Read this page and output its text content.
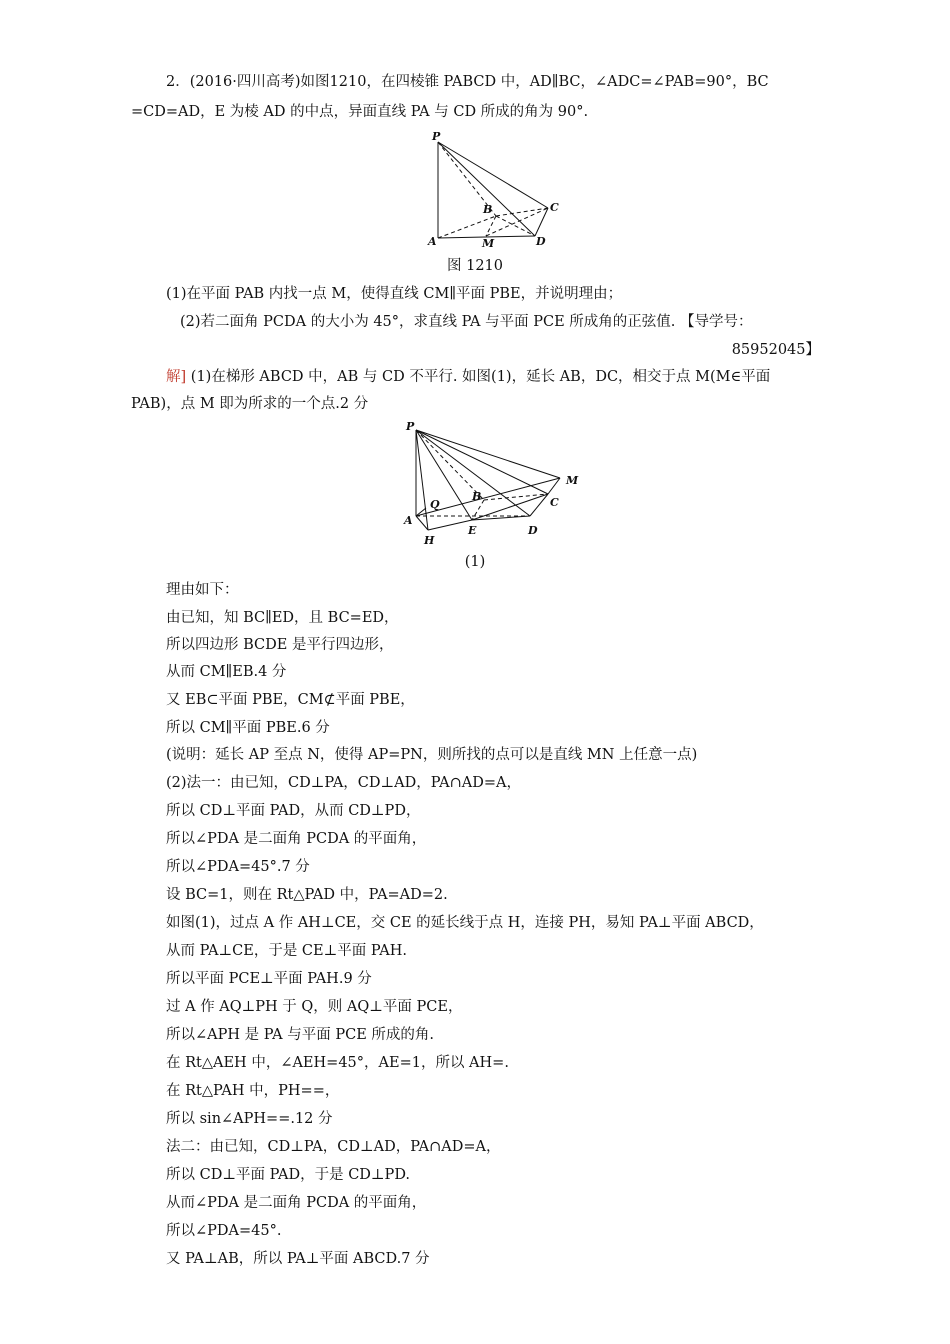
2．(2016·四川高考)如图1210，在四棱锥 PABCD 中，AD∥BC，∠ADC=∠PAB=90°，BC
=CD=AD，E 为棱 AD 的中点，异面直线 PA 与 CD 所成的角为 90°.
P
B	C
A	M	D
图 1210
(1)在平面 PAB 内找一点 M，使得直线 CM∥平面 PBE，并说明理由；
(2)若二面角 PCDA 的大小为 45°，求直线 PA 与平面 PCE 所成角的正弦值. 【导学号：
85952045】
解] (1)在梯形 ABCD 中，AB 与 CD 不平行. 如图(1)，延长 AB，DC，相交于点 M(M∈平面
PAB)，点 M 即为所求的一个点.2 分
P
M
Q
B	C
A
E	D
H
(1)
理由如下：
由已知，知 BC∥ED，且 BC=ED，
所以四边形 BCDE 是平行四边形，
从而 CM∥EB.4 分
又 EB⊂平面 PBE，CM⊄平面 PBE，
所以 CM∥平面 PBE.6 分
(说明：延长 AP 至点 N，使得 AP=PN，则所找的点可以是直线 MN 上任意一点)
(2)法一：由已知，CD⊥PA，CD⊥AD，PA∩AD=A，
所以 CD⊥平面 PAD，从而 CD⊥PD，
所以∠PDA 是二面角 PCDA 的平面角，
所以∠PDA=45°.7 分
设 BC=1，则在 Rt△PAD 中，PA=AD=2.
如图(1)，过点 A 作 AH⊥CE，交 CE 的延长线于点 H，连接 PH，易知 PA⊥平面 ABCD，
从而 PA⊥CE，于是 CE⊥平面 PAH.
所以平面 PCE⊥平面 PAH.9 分
过 A 作 AQ⊥PH 于 Q，则 AQ⊥平面 PCE，
所以∠APH 是 PA 与平面 PCE 所成的角.
在 Rt△AEH 中，∠AEH=45°，AE=1，所以 AH=.
在 Rt△PAH 中，PH==，
所以 sin∠APH==.12 分
法二：由已知，CD⊥PA，CD⊥AD，PA∩AD=A，
所以 CD⊥平面 PAD，于是 CD⊥PD.
从而∠PDA 是二面角 PCDA 的平面角，
所以∠PDA=45°.
又 PA⊥AB，所以 PA⊥平面 ABCD.7 分
